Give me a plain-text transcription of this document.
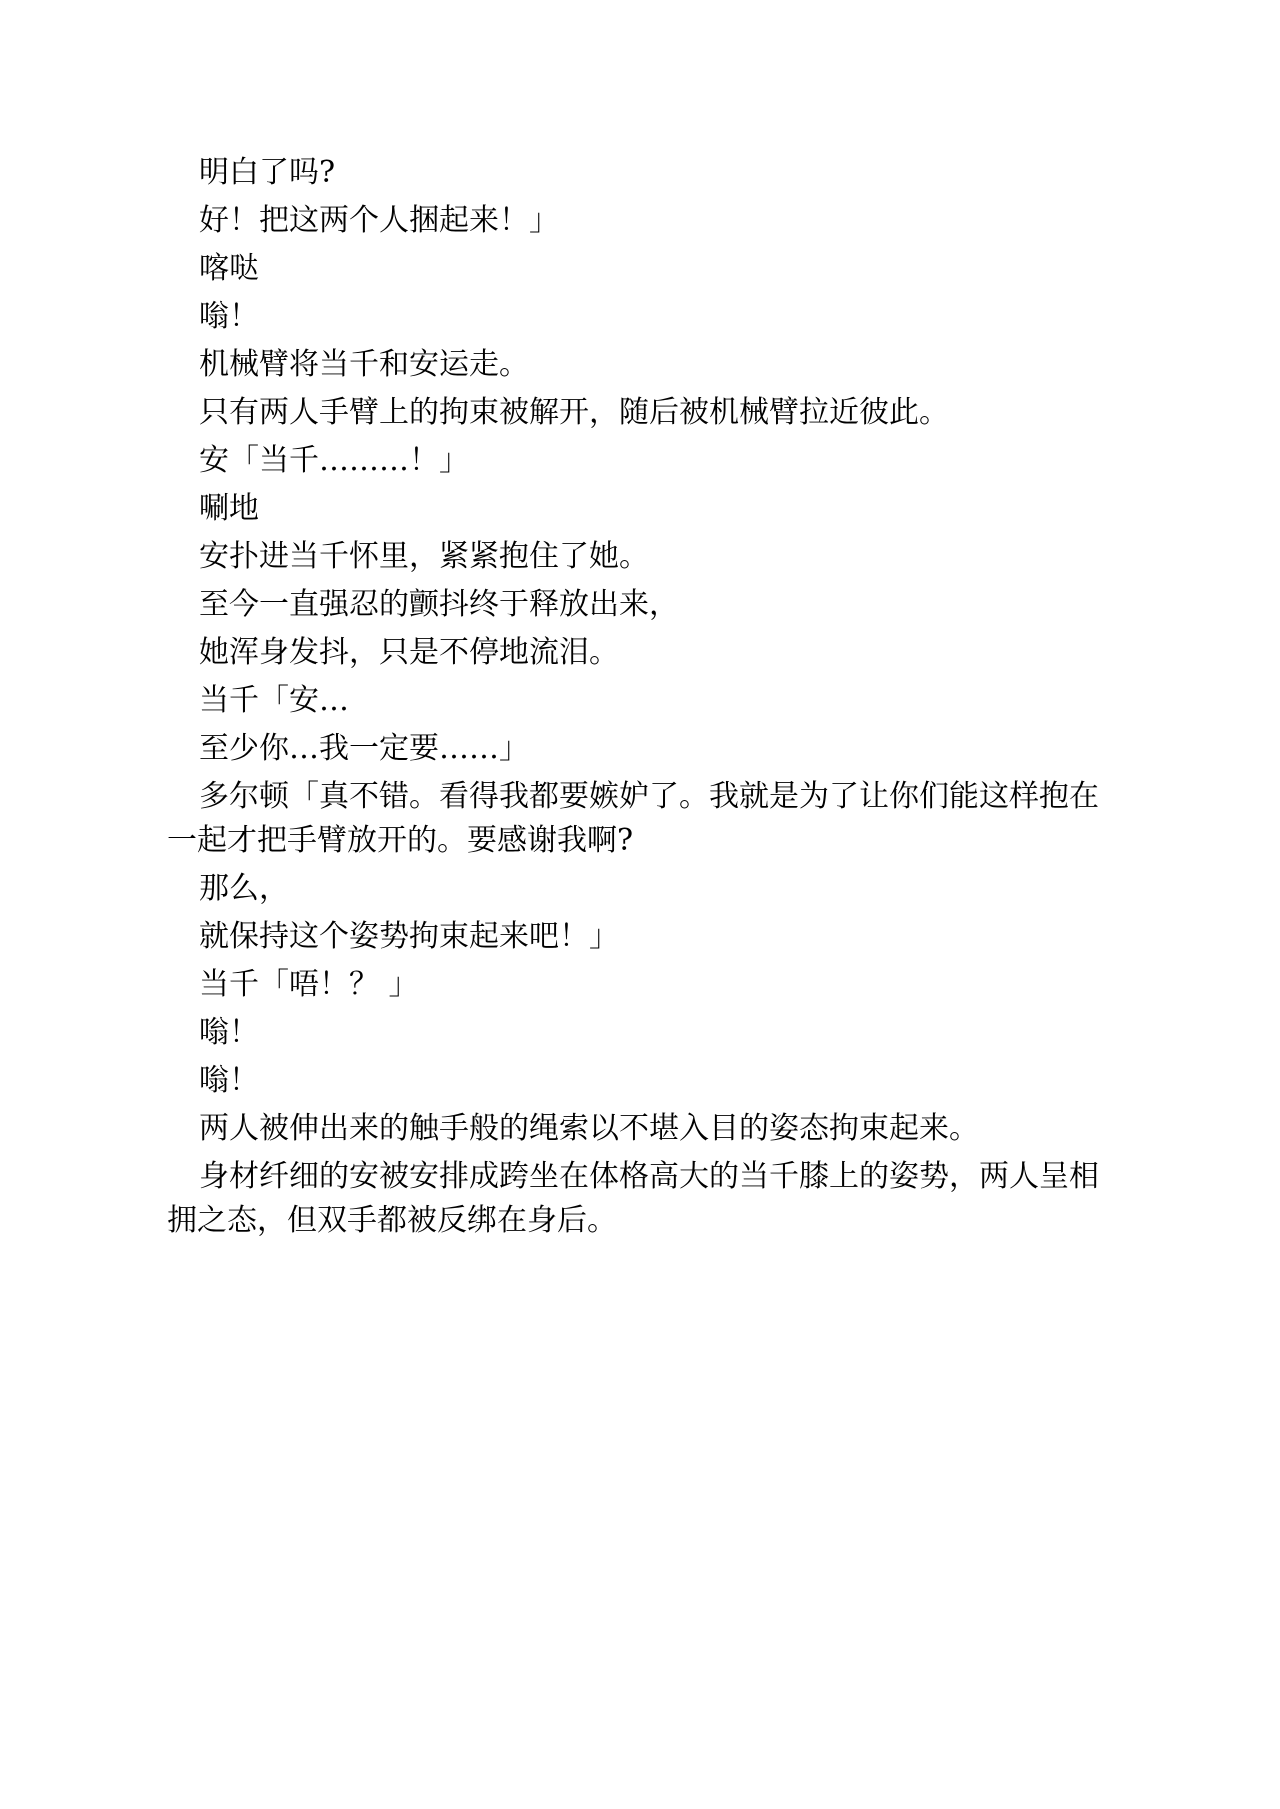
明白了吗?

好！把这两个人捆起来！」

喀哒

嗡！

机械臂将当千和安运走。

只有两人手臂上的拘束被解开，随后被机械臂拉近彼此。

安「当千………！」

唰地

安扑进当千怀里，紧紧抱住了她。

至今一直强忍的颤抖终于释放出来，

她浑身发抖，只是不停地流泪。

当千「安…

至少你…我一定要……」

多尔顿「真不错。看得我都要嫉妒了。我就是为了让你们能这样抱在一起才把手臂放开的。要感谢我啊?

那么，

就保持这个姿势拘束起来吧！」

当千「唔！？ 」

嗡！

嗡！

两人被伸出来的触手般的绳索以不堪入目的姿态拘束起来。

身材纤细的安被安排成跨坐在体格高大的当千膝上的姿势，两人呈相拥之态，但双手都被反绑在身后。
